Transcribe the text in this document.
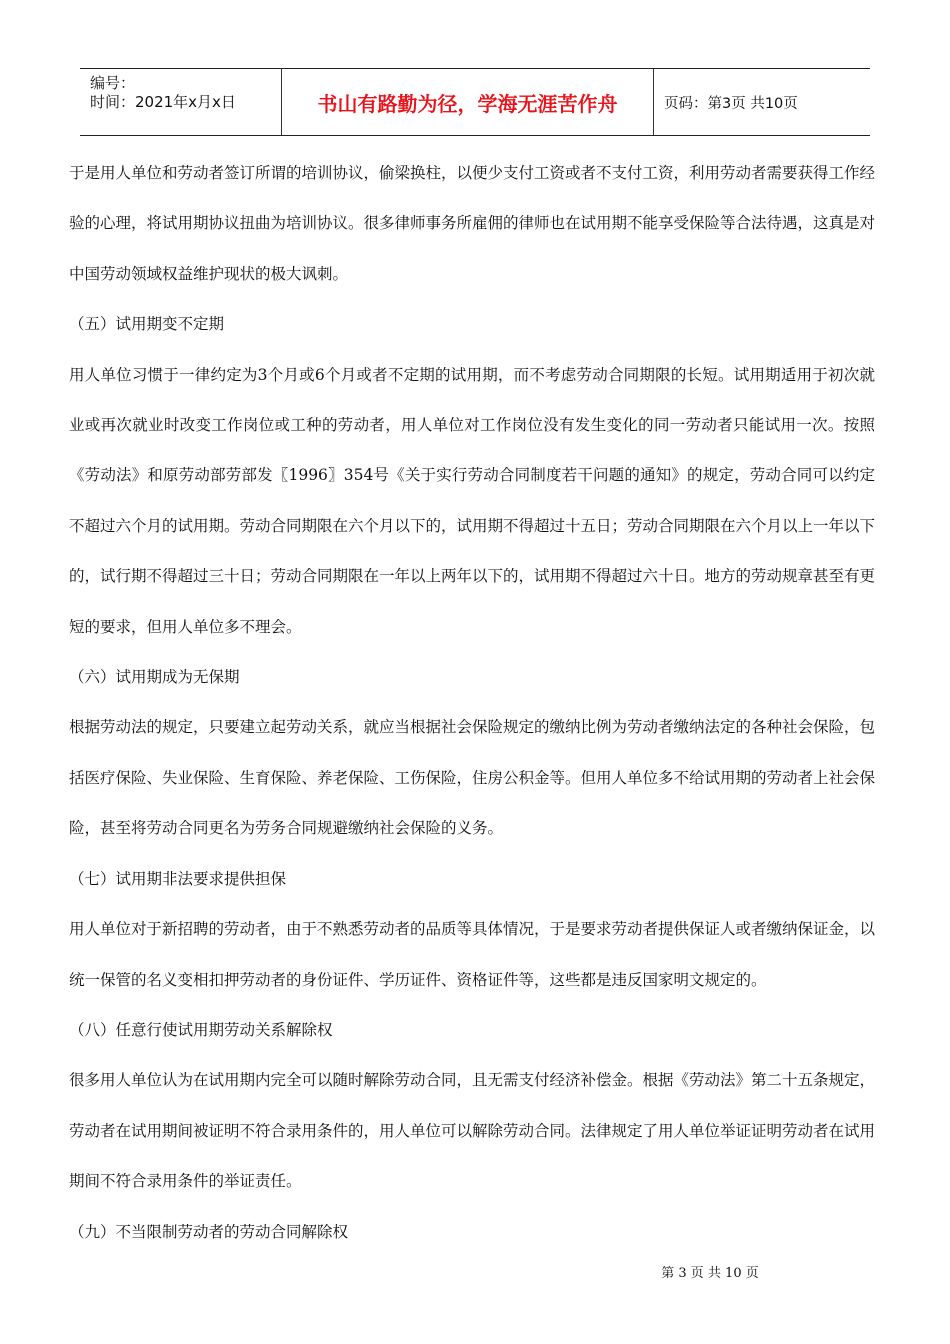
编号：
时间：2021年x月x日	书山有路勤为径，学海无涯苦作舟	页码：第3页 共10页

于是用人单位和劳动者签订所谓的培训协议，偷梁换柱，以便少支付工资或者不支付工资，利用劳动者需要获得工作经验的心理，将试用期协议扭曲为培训协议。很多律师事务所雇佣的律师也在试用期不能享受保险等合法待遇，这真是对中国劳动领域权益维护现状的极大讽刺。

（五）试用期变不定期

用人单位习惯于一律约定为3个月或6个月或者不定期的试用期，而不考虑劳动合同期限的长短。试用期适用于初次就业或再次就业时改变工作岗位或工种的劳动者，用人单位对工作岗位没有发生变化的同一劳动者只能试用一次。按照《劳动法》和原劳动部劳部发〖1996〗354号《关于实行劳动合同制度若干问题的通知》的规定，劳动合同可以约定不超过六个月的试用期。劳动合同期限在六个月以下的，试用期不得超过十五日；劳动合同期限在六个月以上一年以下的，试行期不得超过三十日；劳动合同期限在一年以上两年以下的，试用期不得超过六十日。地方的劳动规章甚至有更短的要求，但用人单位多不理会。

（六）试用期成为无保期

根据劳动法的规定，只要建立起劳动关系，就应当根据社会保险规定的缴纳比例为劳动者缴纳法定的各种社会保险，包括医疗保险、失业保险、生育保险、养老保险、工伤保险，住房公积金等。但用人单位多不给试用期的劳动者上社会保险，甚至将劳动合同更名为劳务合同规避缴纳社会保险的义务。

（七）试用期非法要求提供担保

用人单位对于新招聘的劳动者，由于不熟悉劳动者的品质等具体情况，于是要求劳动者提供保证人或者缴纳保证金，以统一保管的名义变相扣押劳动者的身份证件、学历证件、资格证件等，这些都是违反国家明文规定的。

（八）任意行使试用期劳动关系解除权

很多用人单位认为在试用期内完全可以随时解除劳动合同，且无需支付经济补偿金。根据《劳动法》第二十五条规定，劳动者在试用期间被证明不符合录用条件的，用人单位可以解除劳动合同。法律规定了用人单位举证证明劳动者在试用期间不符合录用条件的举证责任。

（九）不当限制劳动者的劳动合同解除权

第 3 页 共 10 页
